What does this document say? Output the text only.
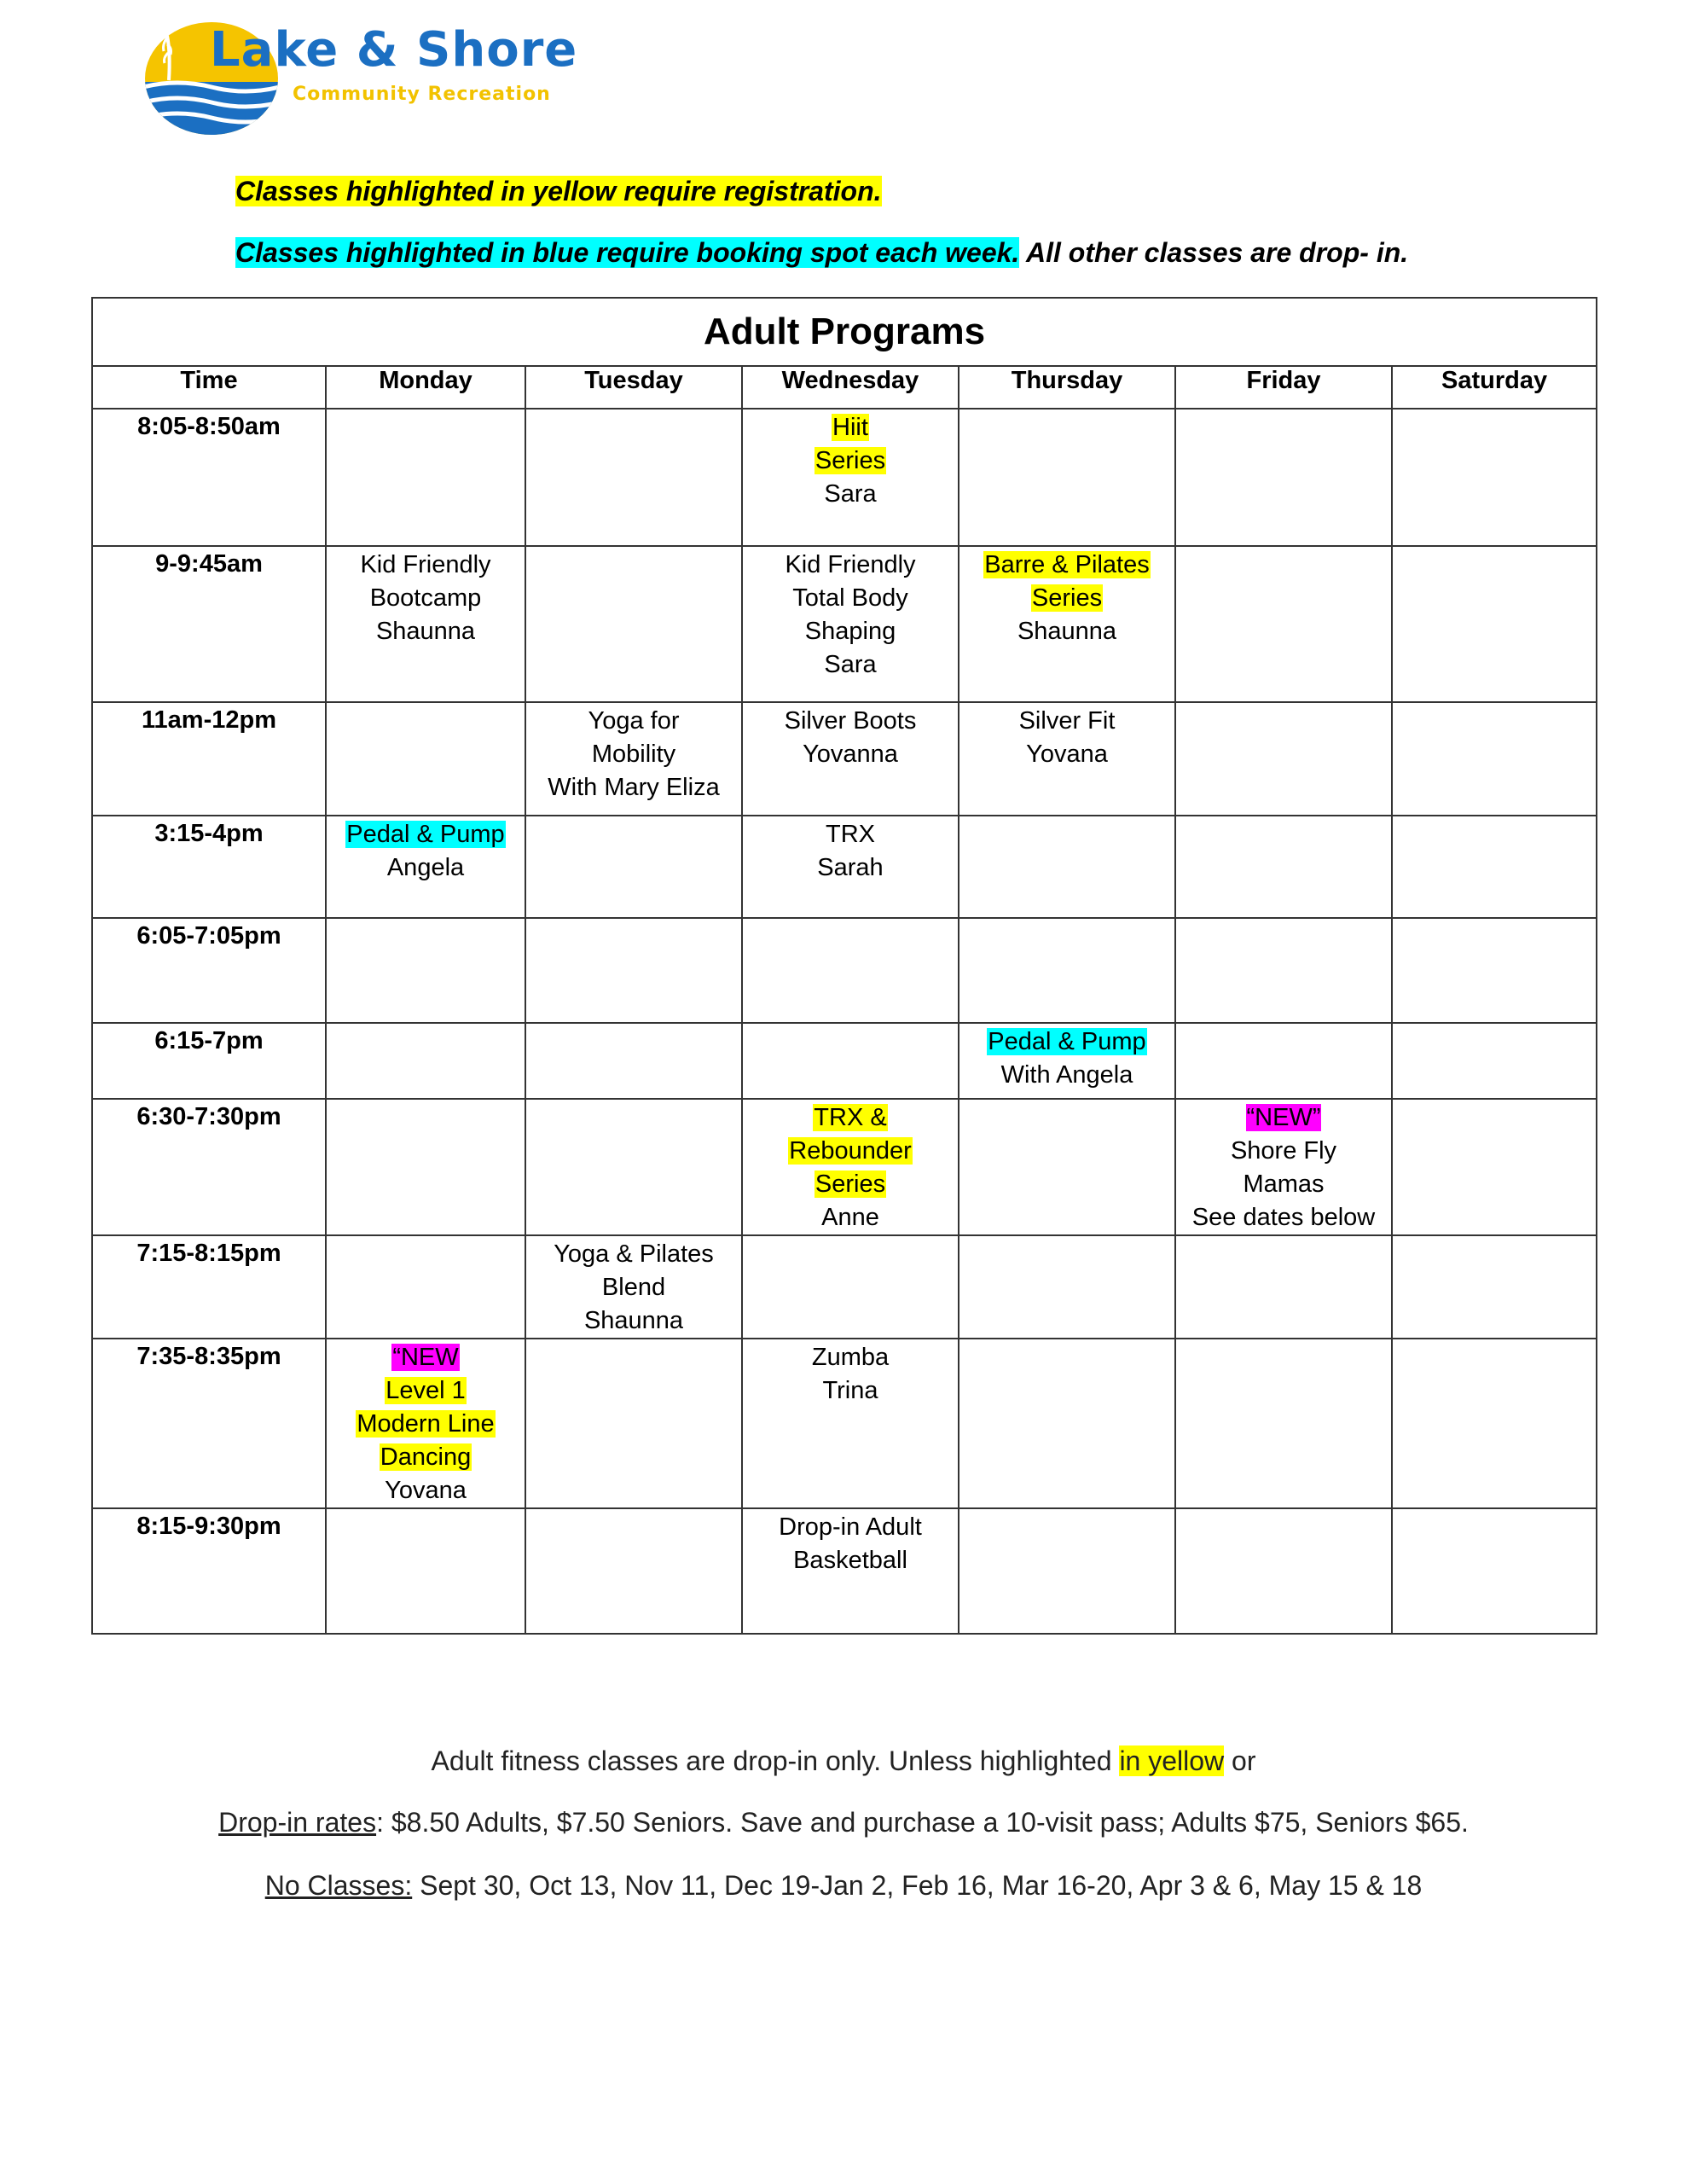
Lake & Shore
Community Recreation
Classes highlighted in yellow require registration.
Classes highlighted in blue require booking spot each week. All other classes are drop- in.
Adult Programs						
Time	Monday	Tuesday	Wednesday	Thursday	Friday	Saturday
8:05-8:50am			Hiit
Series
Sara			

9-9:45am	Kid Friendly
Bootcamp
Shaunna		Kid Friendly
Total Body
Shaping
Sara	Barre & Pilates
Series
Shaunna		

11am-12pm		Yoga for
Mobility
With Mary Eliza	Silver Boots
Yovanna	Silver Fit
Yovana		

3:15-4pm	Pedal & Pump
Angela		TRX
Sarah			

6:05-7:05pm						
6:15-7pm				Pedal & Pump
With Angela		

6:30-7:30pm			TRX &
Rebounder
Series
Anne		“NEW”
Shore Fly
Mamas
See dates below	

7:15-8:15pm		Yoga & Pilates
Blend
Shaunna				

7:35-8:35pm	“NEW
Level 1
Modern Line
Dancing
Yovana		Zumba
Trina			

8:15-9:30pm			Drop-in Adult
Basketball			

Adult fitness classes are drop-in only. Unless highlighted in yellow or
Drop-in rates: $8.50 Adults, $7.50 Seniors. Save and purchase a 10-visit pass; Adults $75, Seniors $65.
No Classes: Sept 30, Oct 13, Nov 11, Dec 19-Jan 2, Feb 16, Mar 16-20, Apr 3 & 6, May 15 & 18
